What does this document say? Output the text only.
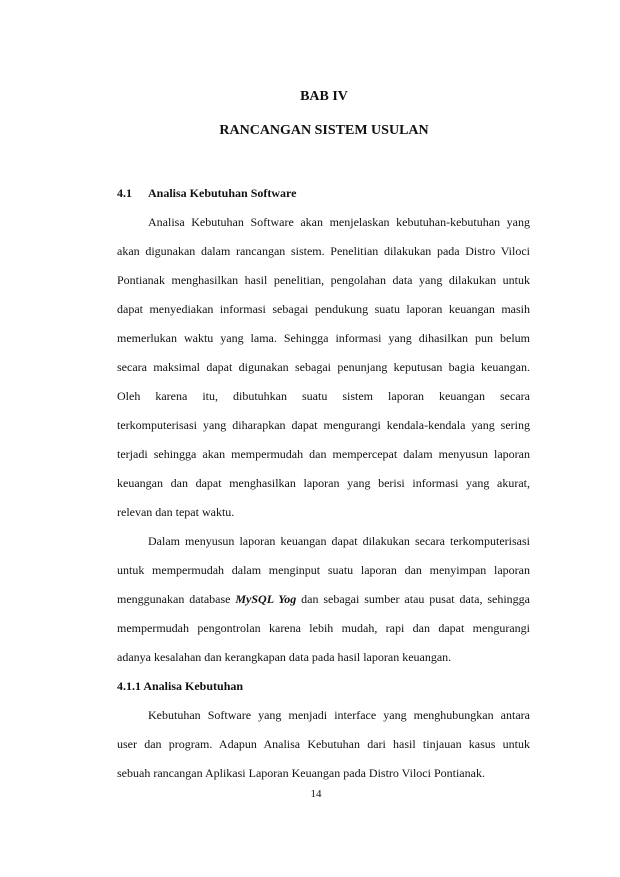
BAB IV
RANCANGAN SISTEM USULAN
4.1 Analisa Kebutuhan Software
Analisa Kebutuhan Software akan menjelaskan kebutuhan-kebutuhan yang
akan digunakan dalam rancangan sistem. Penelitian dilakukan pada Distro Viloci
Pontianak menghasilkan hasil penelitian, pengolahan data yang dilakukan untuk
dapat menyediakan informasi sebagai pendukung suatu laporan keuangan masih
memerlukan waktu yang lama. Sehingga informasi yang dihasilkan pun belum
secara maksimal dapat digunakan sebagai penunjang keputusan bagia keuangan.
Oleh karena itu, dibutuhkan suatu sistem laporan keuangan secara
terkomputerisasi yang diharapkan dapat mengurangi kendala-kendala yang sering
terjadi sehingga akan mempermudah dan mempercepat dalam menyusun laporan
keuangan dan dapat menghasilkan laporan yang berisi informasi yang akurat,
relevan dan tepat waktu.
Dalam menyusun laporan keuangan dapat dilakukan secara terkomputerisasi
untuk mempermudah dalam menginput suatu laporan dan menyimpan laporan
menggunakan database MySQL Yog dan sebagai sumber atau pusat data, sehingga
mempermudah pengontrolan karena lebih mudah, rapi dan dapat mengurangi
adanya kesalahan dan kerangkapan data pada hasil laporan keuangan.
4.1.1 Analisa Kebutuhan
Kebutuhan Software yang menjadi interface yang menghubungkan antara
user dan program. Adapun Analisa Kebutuhan dari hasil tinjauan kasus untuk
sebuah rancangan Aplikasi Laporan Keuangan pada Distro Viloci Pontianak.
14
